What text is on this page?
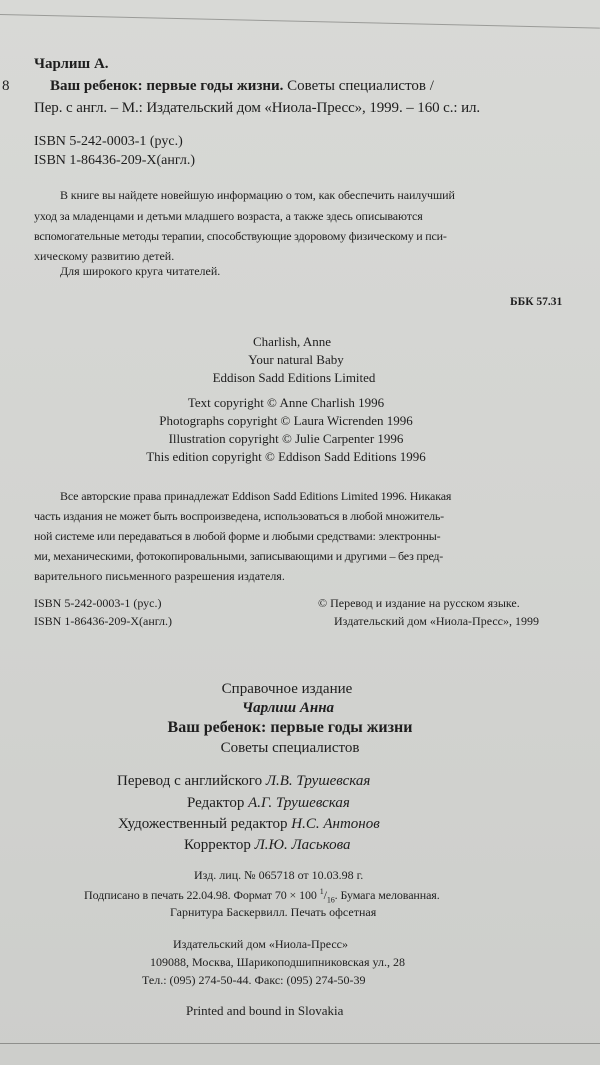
8
Чарлиш А.
Ваш ребенок: первые годы жизни. Советы специалистов /
Пер. с англ. – М.: Издательский дом «Ниола-Пресс», 1999. – 160 с.: ил.
ISBN 5-242-0003-1 (рус.)
ISBN 1-86436-209-X(англ.)
В книге вы найдете новейшую информацию о том, как обеспечить наилучший
уход за младенцами и детьми младшего возраста, а также здесь описываются
вспомогательные методы терапии, способствующие здоровому физическому и пси-
хическому развитию детей.
Для широкого круга читателей.
ББК 57.31
Charlish, Anne
Your natural Baby
Eddison Sadd Editions Limited
Text copyright © Anne Charlish 1996
Photographs copyright © Laura Wicrenden 1996
Illustration copyright © Julie Carpenter 1996
This edition copyright © Eddison Sadd Editions 1996
Все авторские права принадлежат Eddison Sadd Editions Limited 1996. Никакая
часть издания не может быть воспроизведена, использоваться в любой множитель-
ной системе или передаваться в любой форме и любыми средствами: электронны-
ми, механическими, фотокопировальными, записывающими и другими – без пред-
варительного письменного разрешения издателя.
ISBN 5-242-0003-1 (рус.)
ISBN 1-86436-209-X(англ.)
© Перевод и издание на русском языке.
Издательский дом «Ниола-Пресс», 1999
Справочное издание
Чарлиш Анна
Ваш ребенок: первые годы жизни
Советы специалистов
Перевод с английского Л.В. Трушевская
Редактор А.Г. Трушевская
Художественный редактор Н.С. Антонов
Корректор Л.Ю. Ласькова
Изд. лиц. № 065718 от 10.03.98 г.
Подписано в печать 22.04.98. Формат 70 × 100 $^1/_{16}$. Бумага мелованная.
Гарнитура Баскервилл. Печать офсетная
Издательский дом «Ниола-Пресс»
109088, Москва, Шарикоподшипниковская ул., 28
Тел.: (095) 274-50-44. Факс: (095) 274-50-39
Printed and bound in Slovakia
